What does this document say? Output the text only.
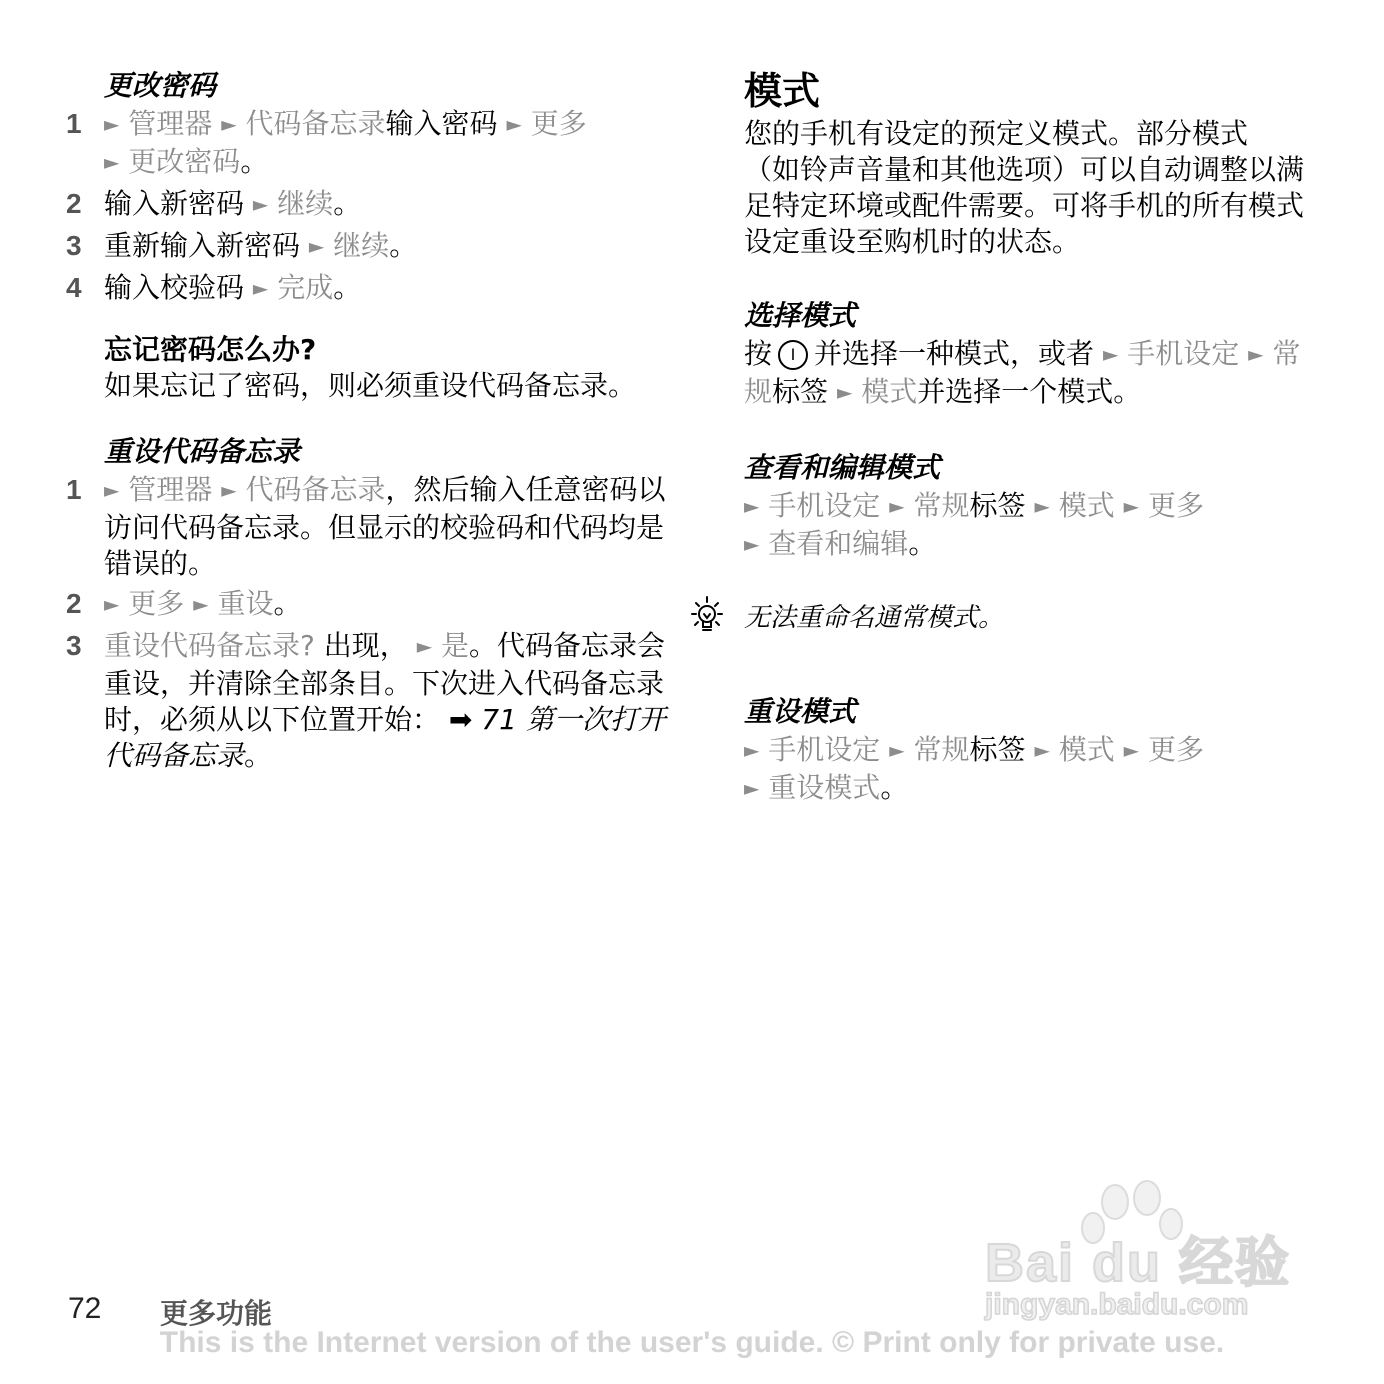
更改密码

1 ► 管理器 ► 代码备忘录输入密码 ► 更多
► 更改密码。

2 输入新密码 ► 继续。

3 重新输入新密码 ► 继续。

4 输入校验码 ► 完成。

忘记密码怎么办?

如果忘记了密码，则必须重设代码备忘录。

重设代码备忘录

1 ► 管理器 ► 代码备忘录，然后输入任意密码以访问代码备忘录。但显示的校验码和代码均是错误的。

2 ► 更多 ► 重设。

3 重设代码备忘录? 出现， ► 是。代码备忘录会重设，并清除全部条目。下次进入代码备忘录时，必须从以下位置开始： ➡ 71 第一次打开代码备忘录。

模式

您的手机有设定的预定义模式。部分模式 （如铃声音量和其他选项）可以自动调整以满足特定环境或配件需要。可将手机的所有模式设定重设至购机时的状态。

选择模式

按 I 并选择一种模式，或者 ► 手机设定 ► 常规标签 ► 模式并选择一个模式。

查看和编辑模式

► 手机设定 ► 常规标签 ► 模式 ► 更多
► 查看和编辑。

无法重命名通常模式。

重设模式

► 手机设定 ► 常规标签 ► 模式 ► 更多
► 重设模式。

Bai du 经验
jingyan.baidu.com
72 更多功能
This is the Internet version of the user's guide. © Print only for private use.
